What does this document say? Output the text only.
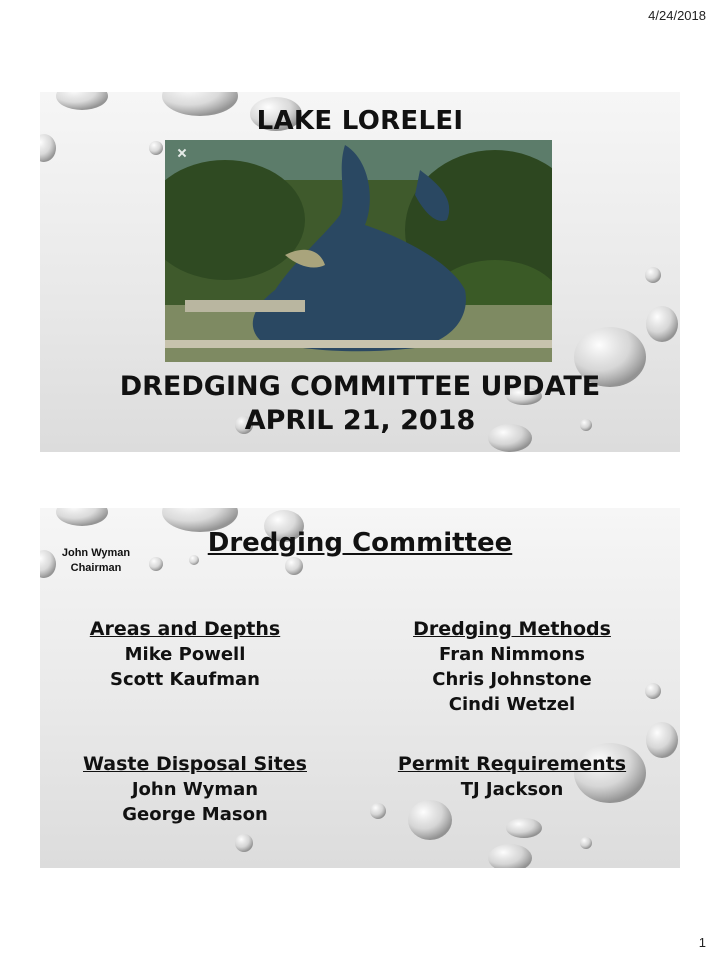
4/24/2018
LAKE LORELEI
DREDGING COMMITTEE UPDATE
APRIL 21, 2018
Dredging Committee
John Wyman
Chairman
Areas and Depths
Mike Powell
Scott Kaufman
Dredging Methods
Fran Nimmons
Chris Johnstone
Cindi Wetzel
Waste Disposal Sites
John Wyman
George Mason
Permit Requirements
TJ Jackson
1
